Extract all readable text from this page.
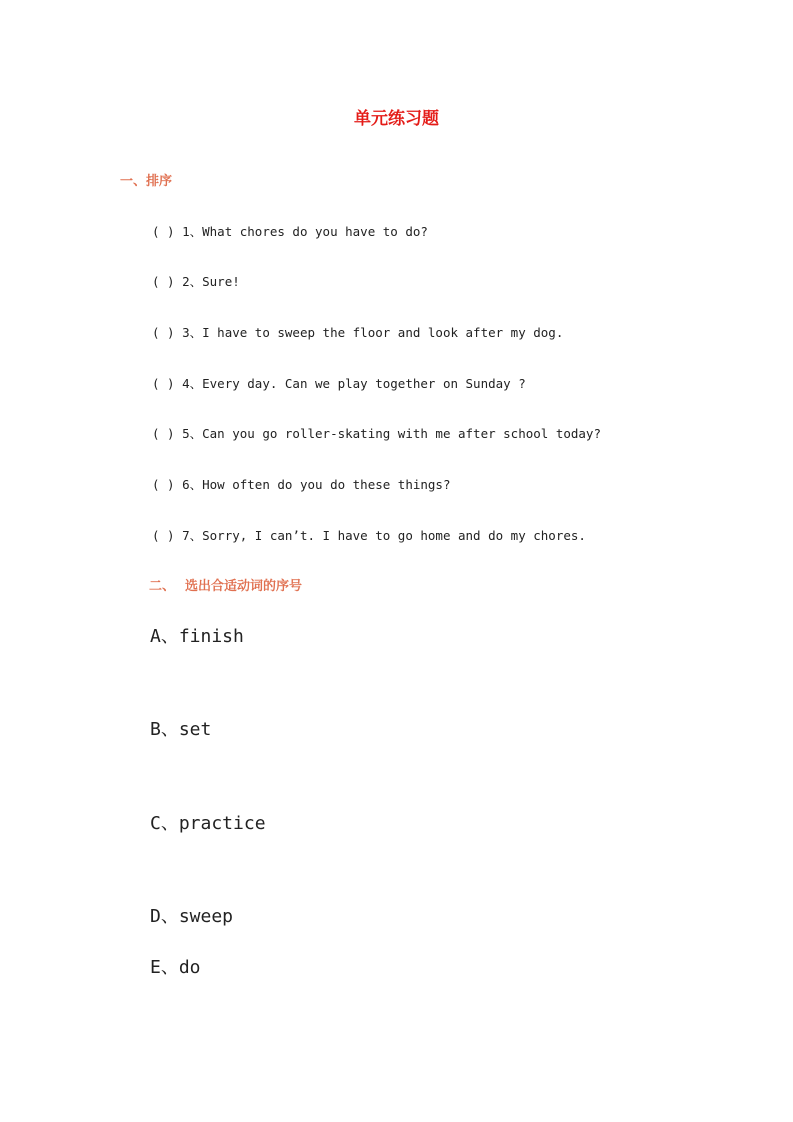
单元练习题
一、排序
( ) 1、What chores do you have to do?
( ) 2、Sure!
( ) 3、I have to sweep the floor and look after my dog.
( ) 4、Every day. Can we play together on Sunday ?
( ) 5、Can you go roller-skating with me after school today?
( ) 6、How often do you do these things?
( ) 7、Sorry, I can’t. I have to go home and do my chores.
二、 选出合适动词的序号
A、finish
B、set
C、practice
D、sweep
E、do
